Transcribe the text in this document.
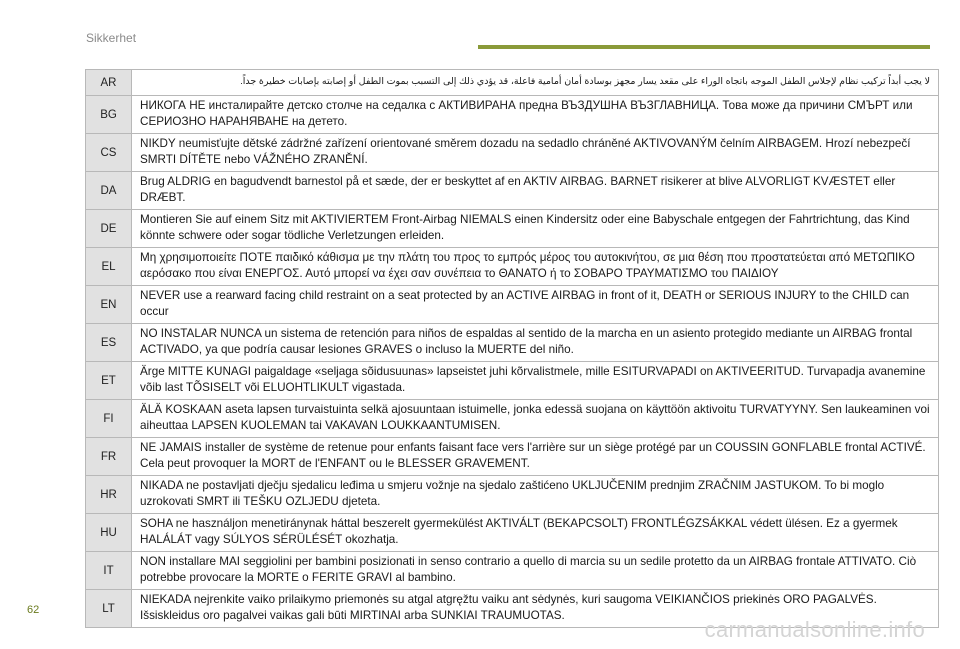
Sikkerhet
AR	لا يجب أبداً تركيب نظام لإجلاس الطفل الموجه باتجاه الوراء على مقعد يسار مجهز بوسادة أمان أمامية فاعلة، قد يؤدي ذلك إلى التسبب بموت الطفل أو إصابته بإصابات خطيرة جداً.
BG	НИКОГА НЕ инсталирайте детско столче на седалка с АКТИВИРАНА предна ВЪЗДУШНА ВЪЗГЛАВНИЦА. Това може да причини СМЪРТ или СЕРИОЗНО НАРАНЯВАНЕ на детето.
CS	NIKDY neumisťujte dětské zádržné zařízení orientované směrem dozadu na sedadlo chráněné AKTIVOVANÝM čelním AIRBAGEM. Hrozí nebezpečí SMRTI DÍTĚTE nebo VÁŽNÉHO ZRANĚNÍ.
DA	Brug ALDRIG en bagudvendt barnestol på et sæde, der er beskyttet af en AKTIV AIRBAG. BARNET risikerer at blive ALVORLIGT KVÆSTET eller DRÆBT.
DE	Montieren Sie auf einem Sitz mit AKTIVIERTEM Front-Airbag NIEMALS einen Kindersitz oder eine Babyschale entgegen der Fahrtrichtung, das Kind könnte schwere oder sogar tödliche Verletzungen erleiden.
EL	Μη χρησιμοποιείτε ΠΟΤΕ παιδικό κάθισμα με την πλάτη του προς το εμπρός μέρος του αυτοκινήτου, σε μια θέση που προστατεύεται από ΜΕΤΩΠΙΚΟ αερόσακο που είναι ΕΝΕΡΓΟΣ. Αυτό μπορεί να έχει σαν συνέπεια το ΘΑΝΑΤΟ ή το ΣΟΒΑΡΟ ΤΡΑΥΜΑΤΙΣΜΟ του ΠΑΙΔΙΟΥ
EN	NEVER use a rearward facing child restraint on a seat protected by an ACTIVE AIRBAG in front of it, DEATH or SERIOUS INJURY to the CHILD can occur
ES	NO INSTALAR NUNCA un sistema de retención para niños de espaldas al sentido de la marcha en un asiento protegido mediante un AIRBAG frontal ACTIVADO, ya que podría causar lesiones GRAVES o incluso la MUERTE del niño.
ET	Ärge MITTE KUNAGI paigaldage «seljaga sõidusuunas» lapseistet juhi kõrvalistmele, mille ESITURVAPADI on AKTIVEERITUD. Turvapadja avanemine võib last TÕSISELT või ELUOHTLIKULT vigastada.
FI	ÄLÄ KOSKAAN aseta lapsen turvaistuinta selkä ajosuuntaan istuimelle, jonka edessä suojana on käyttöön aktivoitu TURVATYYNY. Sen laukeaminen voi aiheuttaa LAPSEN KUOLEMAN tai VAKAVAN LOUKKAANTUMISEN.
FR	NE JAMAIS installer de système de retenue pour enfants faisant face vers l'arrière sur un siège protégé par un COUSSIN GONFLABLE frontal ACTIVÉ. Cela peut provoquer la MORT de l'ENFANT ou le BLESSER GRAVEMENT.
HR	NIKADA ne postavljati dječju sjedalicu leđima u smjeru vožnje na sjedalo zaštićeno UKLJUČENIM prednjim ZRAČNIM JASTUKOM. To bi moglo uzrokovati SMRT ili TEŠKU OZLJEDU djeteta.
HU	SOHA ne használjon menetiránynak háttal beszerelt gyermekülést AKTIVÁLT (BEKAPCSOLT) FRONTLÉGZSÁKKAL védett ülésen. Ez a gyermek HALÁLÁT vagy SÚLYOS SÉRÜLÉSÉT okozhatja.
IT	NON installare MAI seggiolini per bambini posizionati in senso contrario a quello di marcia su un sedile protetto da un AIRBAG frontale ATTIVATO. Ciò potrebbe provocare la MORTE o FERITE GRAVI al bambino.
LT	NIEKADA nejrenkite vaiko prilaikymo priemonės su atgal atgręžtu vaiku ant sėdynės, kuri saugoma VEIKIANČIOS priekinės ORO PAGALVĖS. Išsiskleidus oro pagalvei vaikas gali būti MIRTINAI arba SUNKIAI TRAUMUOTAS.
62
carmanualsonline.info
